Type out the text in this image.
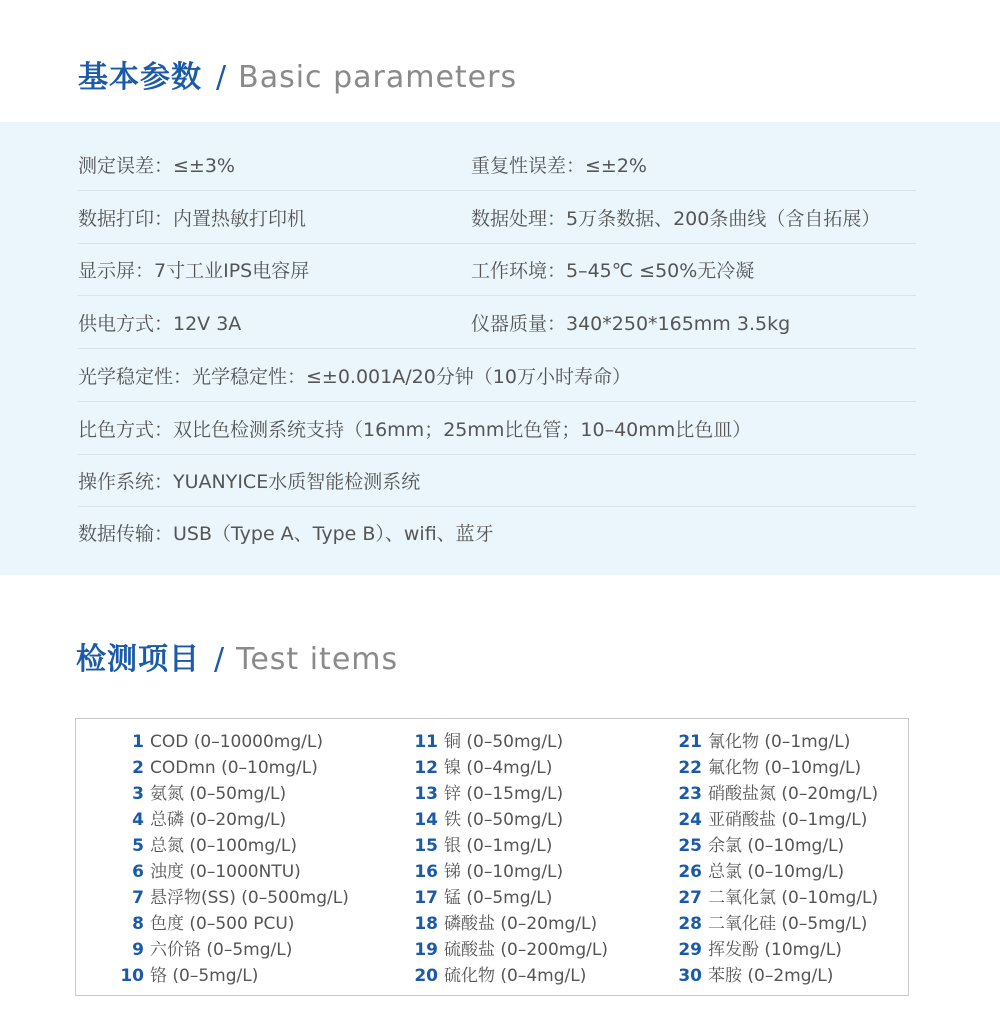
基本参数 / Basic parameters
测定误差：≤±3%	重复性误差：≤±2%
数据打印：内置热敏打印机	数据处理：5万条数据、200条曲线（含自拓展）
显示屏：7寸工业IPS电容屏	工作环境：5–45℃ ≤50%无冷凝
供电方式：12V 3A	仪器质量：340*250*165mm 3.5kg
光学稳定性：光学稳定性：≤±0.001A/20分钟（10万小时寿命）
比色方式：双比色检测系统支持（16mm；25mm比色管；10–40mm比色皿）
操作系统：YUANYICE水质智能检测系统
数据传输：USB（Type A、Type B）、wifi、蓝牙
检测项目 / Test items
1 COD (0–10000mg/L)
2 CODmn (0–10mg/L)
3 氨氮 (0–50mg/L)
4 总磷 (0–20mg/L)
5 总氮 (0–100mg/L)
6 浊度 (0–1000NTU)
7 悬浮物(SS) (0–500mg/L)
8 色度 (0–500 PCU)
9 六价铬 (0–5mg/L)
10 铬 (0–5mg/L)
11 铜 (0–50mg/L)
12 镍 (0–4mg/L)
13 锌 (0–15mg/L)
14 铁 (0–50mg/L)
15 银 (0–1mg/L)
16 锑 (0–10mg/L)
17 锰 (0–5mg/L)
18 磷酸盐 (0–20mg/L)
19 硫酸盐 (0–200mg/L)
20 硫化物 (0–4mg/L)
21 氰化物 (0–1mg/L)
22 氟化物 (0–10mg/L)
23 硝酸盐氮 (0–20mg/L)
24 亚硝酸盐 (0–1mg/L)
25 余氯 (0–10mg/L)
26 总氯 (0–10mg/L)
27 二氧化氯 (0–10mg/L)
28 二氧化硅 (0–5mg/L)
29 挥发酚 (10mg/L)
30 苯胺 (0–2mg/L)
